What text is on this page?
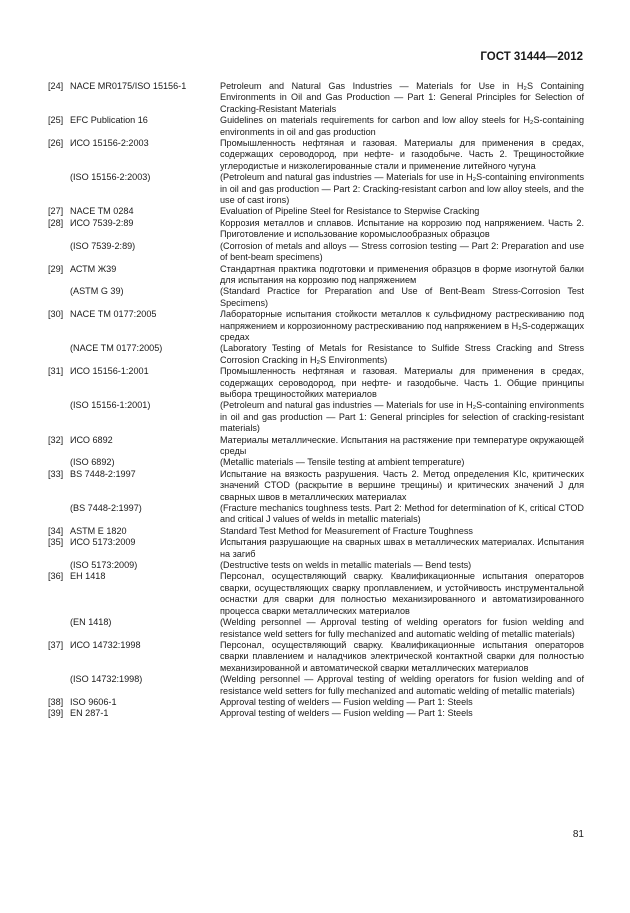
ГОСТ 31444—2012
[24] NACE MR0175/ISO 15156-1	Petroleum and Natural Gas Industries — Materials for Use in H₂S Containing Environments in Oil and Gas Production — Part 1: General Principles for Selection of Cracking-Resistant Materials
[25] EFC Publication 16	Guidelines on materials requirements for carbon and low alloy steels for H₂S-containing environments in oil and gas production
[26] ИСО 15156-2:2003	Промышленность нефтяная и газовая. Материалы для применения в средах, содержащих сероводород, при нефте- и газодобыче. Часть 2. Трещиностойкие углеродистые и низколегированные стали и применение литейного чугуна
(ISO 15156-2:2003)	(Petroleum and natural gas industries — Materials for use in H₂S-containing environments in oil and gas production — Part 2: Cracking-resistant carbon and low alloy steels, and the use of cast irons)
[27] NACE TM 0284	Evaluation of Pipeline Steel for Resistance to Stepwise Cracking
[28] ИСО 7539-2:89	Коррозия металлов и сплавов. Испытание на коррозию под напряжением. Часть 2. Приготовление и использование коромыслообразных образцов
(ISO 7539-2:89)	(Corrosion of metals and alloys — Stress corrosion testing — Part 2: Preparation and use of bent-beam specimens)
[29] АСТМ Ж39	Стандартная практика подготовки и применения образцов в форме изогнутой балки для испытания на коррозию под напряжением
(ASTM G 39)	(Standard Practice for Preparation and Use of Bent-Beam Stress-Corrosion Test Specimens)
[30] NACE ТМ 0177:2005	Лабораторные испытания стойкости металлов к сульфидному растрескиванию под напряжением и коррозионному растрескиванию под напряжением в H₂S-содержащих средах
(NACE TM 0177:2005)	(Laboratory Testing of Metals for Resistance to Sulfide Stress Cracking and Stress Corrosion Cracking in H₂S Environments)
[31] ИСО 15156-1:2001	Промышленность нефтяная и газовая. Материалы для применения в средах, содержащих сероводород, при нефте- и газодобыче. Часть 1. Общие принципы выбора трещиностойких материалов
(ISO 15156-1:2001)	(Petroleum and natural gas industries — Materials for use in H₂S-containing environments in oil and gas production — Part 1: General principles for selection of cracking-resistant materials)
[32] ИСО 6892	Материалы металлические. Испытания на растяжение при температуре окружающей среды
(ISO 6892)	(Metallic materials — Tensile testing at ambient temperature)
[33] BS 7448-2:1997	Испытание на вязкость разрушения. Часть 2. Метод определения KIc, критических значений CTOD (раскрытие в вершине трещины) и критических значений J для сварных швов в металлических материалах
(BS 7448-2:1997)	(Fracture mechanics toughness tests. Part 2: Method for determination of K, critical CTOD and critical J values of welds in metallic materials)
[34] ASTM E 1820	Standard Test Method for Measurement of Fracture Toughness
[35] ИСО 5173:2009	Испытания разрушающие на сварных швах в металлических материалах. Испытания на загиб
(ISO 5173:2009)	(Destructive tests on welds in metallic materials — Bend tests)
[36] ЕН 1418	Персонал, осуществляющий сварку. Квалификационные испытания операторов сварки, осуществляющих сварку проплавлением, и устойчивость инструментальной оснастки для сварки для полностью механизированного и автоматизированного процесса сварки металлических материалов
(EN 1418)	(Welding personnel — Approval testing of welding operators for fusion welding and resistance weld setters for fully mechanized and automatic welding of metallic materials)
[37] ИСО 14732:1998	Персонал, осуществляющий сварку. Квалификационные испытания операторов сварки плавлением и наладчиков электрической контактной сварки для полностью механизированной и автоматической сварки металлических материалов
(ISO 14732:1998)	(Welding personnel — Approval testing of welding operators for fusion welding and of resistance weld setters for fully mechanized and automatic welding of metallic materials)
[38] ISO 9606-1	Approval testing of welders — Fusion welding — Part 1: Steels
[39] EN 287-1	Approval testing of welders — Fusion welding — Part 1: Steels
81
